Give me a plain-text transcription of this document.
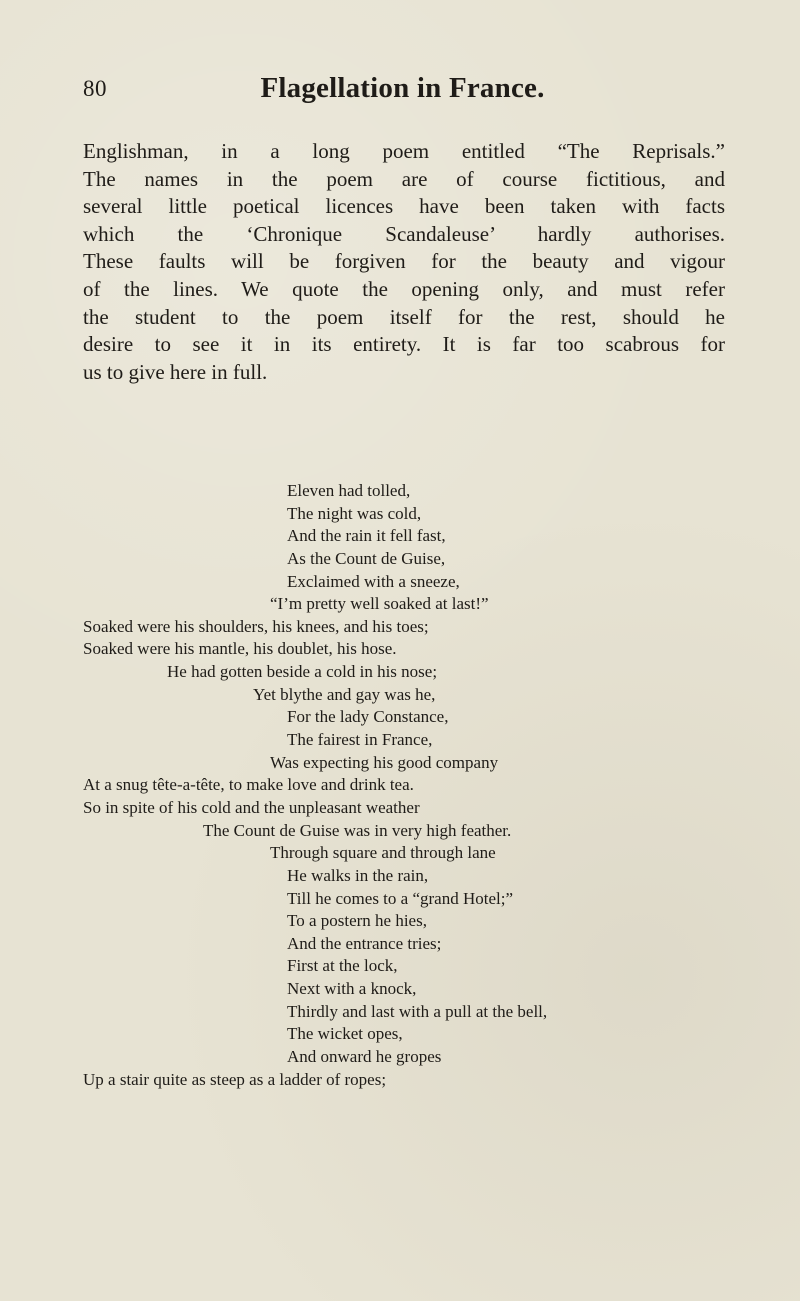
80	Flagellation in France.
Englishman, in a long poem entitled “The Reprisals.”
The names in the poem are of course fictitious, and
several little poetical licences have been taken with facts
which the ‘Chronique Scandaleuse’ hardly authorises.
These faults will be forgiven for the beauty and vigour
of the lines. We quote the opening only, and must refer
the student to the poem itself for the rest, should he
desire to see it in its entirety. It is far too scabrous for
us to give here in full.
Eleven had tolled,
The night was cold,
And the rain it fell fast,
As the Count de Guise,
Exclaimed with a sneeze,
“I’m pretty well soaked at last!”
Soaked were his shoulders, his knees, and his toes;
Soaked were his mantle, his doublet, his hose.
He had gotten beside a cold in his nose;
Yet blythe and gay was he,
For the lady Constance,
The fairest in France,
Was expecting his good company
At a snug tête-a-tête, to make love and drink tea.
So in spite of his cold and the unpleasant weather
The Count de Guise was in very high feather.
Through square and through lane
He walks in the rain,
Till he comes to a “grand Hotel;”
To a postern he hies,
And the entrance tries;
First at the lock,
Next with a knock,
Thirdly and last with a pull at the bell,
The wicket opes,
And onward he gropes
Up a stair quite as steep as a ladder of ropes;
